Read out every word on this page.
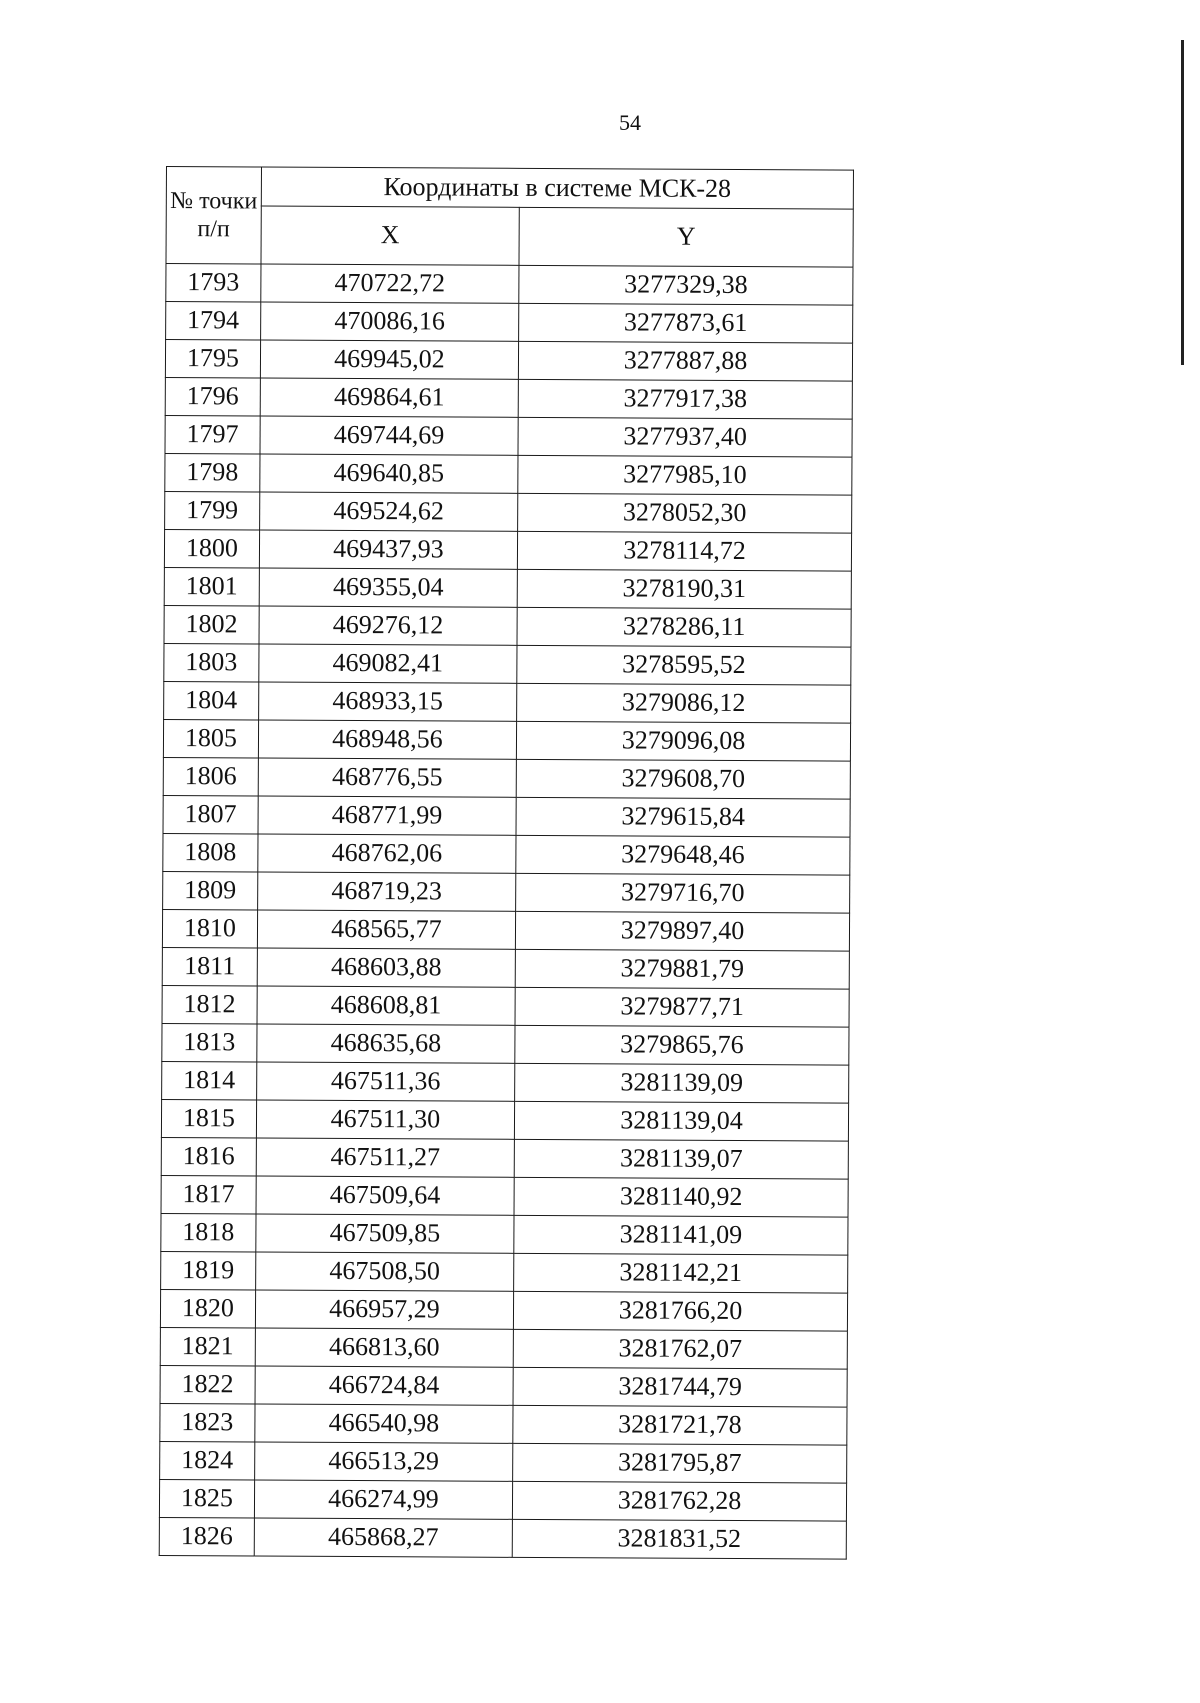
54
№ точки п/п	Координаты в системе МСК-28	
	X	Y
1793	470722,72	3277329,38
1794	470086,16	3277873,61
1795	469945,02	3277887,88
1796	469864,61	3277917,38
1797	469744,69	3277937,40
1798	469640,85	3277985,10
1799	469524,62	3278052,30
1800	469437,93	3278114,72
1801	469355,04	3278190,31
1802	469276,12	3278286,11
1803	469082,41	3278595,52
1804	468933,15	3279086,12
1805	468948,56	3279096,08
1806	468776,55	3279608,70
1807	468771,99	3279615,84
1808	468762,06	3279648,46
1809	468719,23	3279716,70
1810	468565,77	3279897,40
1811	468603,88	3279881,79
1812	468608,81	3279877,71
1813	468635,68	3279865,76
1814	467511,36	3281139,09
1815	467511,30	3281139,04
1816	467511,27	3281139,07
1817	467509,64	3281140,92
1818	467509,85	3281141,09
1819	467508,50	3281142,21
1820	466957,29	3281766,20
1821	466813,60	3281762,07
1822	466724,84	3281744,79
1823	466540,98	3281721,78
1824	466513,29	3281795,87
1825	466274,99	3281762,28
1826	465868,27	3281831,52
